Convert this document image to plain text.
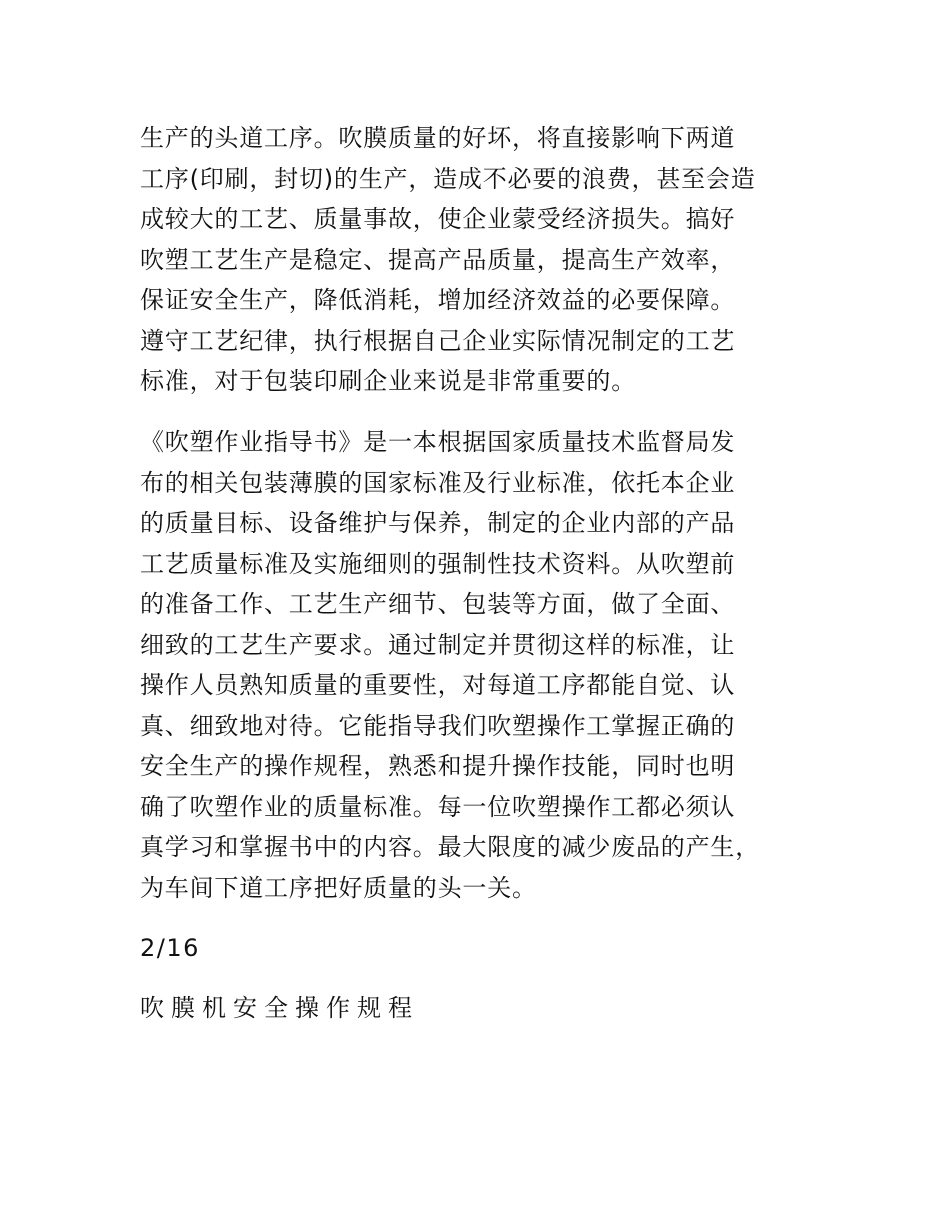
生产的头道工序。吹膜质量的好坏，将直接影响下两道
工序(印刷，封切)的生产，造成不必要的浪费，甚至会造
成较大的工艺、质量事故，使企业蒙受经济损失。搞好
吹塑工艺生产是稳定、提高产品质量，提高生产效率，
保证安全生产，降低消耗，增加经济效益的必要保障。
遵守工艺纪律，执行根据自己企业实际情况制定的工艺
标准，对于包装印刷企业来说是非常重要的。
《吹塑作业指导书》是一本根据国家质量技术监督局发
布的相关包装薄膜的国家标准及行业标准，依托本企业
的质量目标、设备维护与保养，制定的企业内部的产品
工艺质量标准及实施细则的强制性技术资料。从吹塑前
的准备工作、工艺生产细节、包装等方面，做了全面、
细致的工艺生产要求。通过制定并贯彻这样的标准，让
操作人员熟知质量的重要性，对每道工序都能自觉、认
真、细致地对待。它能指导我们吹塑操作工掌握正确的
安全生产的操作规程，熟悉和提升操作技能，同时也明
确了吹塑作业的质量标准。每一位吹塑操作工都必须认
真学习和掌握书中的内容。最大限度的减少废品的产生，
为车间下道工序把好质量的头一关。
2/16
吹膜机安全操作规程
